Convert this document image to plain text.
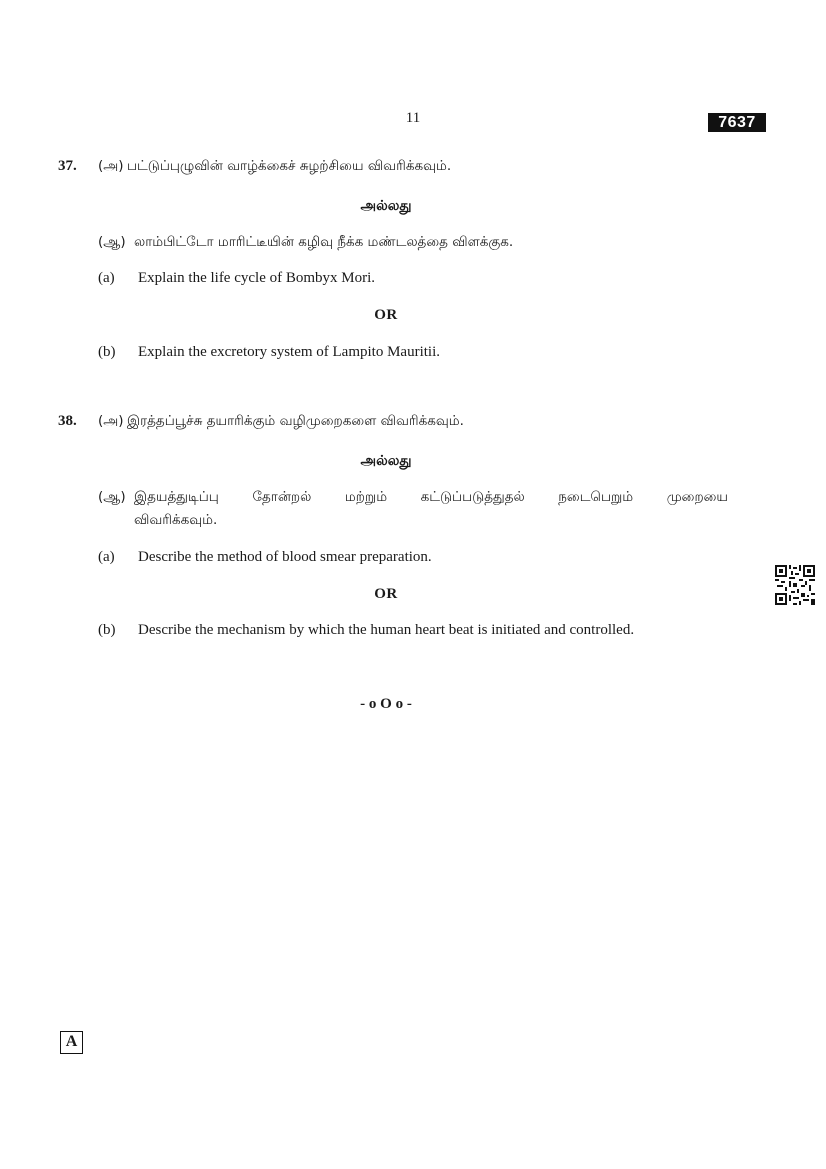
11	7637
37. (அ) பட்டுப்புழுவின் வாழ்க்கைச் சுழற்சியை விவரிக்கவும்.
அல்லது
(ஆ) லாம்பிட்டோ மாரிட்டீயின் கழிவு நீக்க மண்டலத்தை விளக்குக.
(a) Explain the life cycle of Bombyx Mori.
OR
(b) Explain the excretory system of Lampito Mauritii.
38. (அ) இரத்தப்பூச்சு தயாரிக்கும் வழிமுறைகளை விவரிக்கவும்.
அல்லது
(ஆ) இதயத்துடிப்பு தோன்றல் மற்றும் கட்டுப்படுத்துதல் நடைபெறும் முறையை
விவரிக்கவும்.
(a) Describe the method of blood smear preparation.
OR
(b) Describe the mechanism by which the human heart beat is initiated and controlled.
- o O o -
A
